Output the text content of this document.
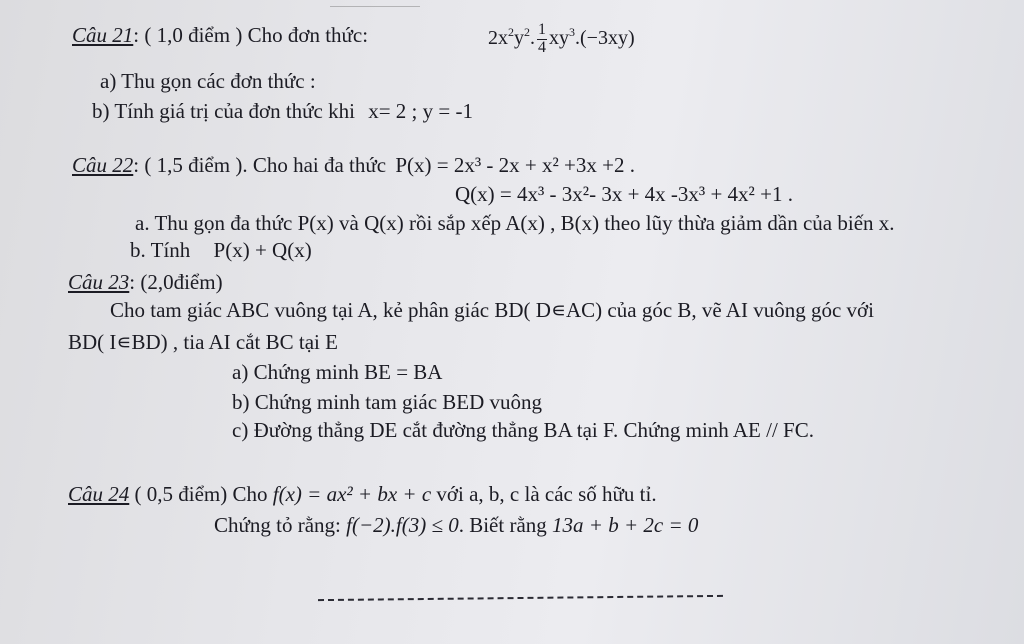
Câu 21: ( 1,0 điểm ) Cho đơn thức:	$2x^2y^2$. $\frac{1}{4} xy^3.(-3xy)$
a) Thu gọn các đơn thức :
b) Tính giá trị của đơn thức khi x= 2 ; y = -1
Câu 22: ( 1,5 điểm ). Cho hai đa thức P(x) = 2x³ - 2x + x² +3x +2 .
Q(x) = 4x³ - 3x²- 3x + 4x -3x³ + 4x² +1 .
a. Thu gọn đa thức P(x) và Q(x) rồi sắp xếp A(x) , B(x) theo lũy thừa giảm dần của biến x.
b. Tính P(x) + Q(x)
Câu 23: (2,0điểm)
Cho tam giác ABC vuông tại A, kẻ phân giác BD( D∊AC) của góc B, vẽ AI vuông góc với
BD( I∊BD) , tia AI cắt BC tại E
a) Chứng minh BE = BA
b) Chứng minh tam giác BED vuông
c) Đường thẳng DE cắt đường thẳng BA tại F. Chứng minh AE // FC.
Câu 24 ( 0,5 điểm) Cho f(x) = ax² + bx + c với a, b, c là các số hữu tỉ.
Chứng tỏ rằng: f(−2).f(3) ≤ 0. Biết rằng 13a + b + 2c = 0
